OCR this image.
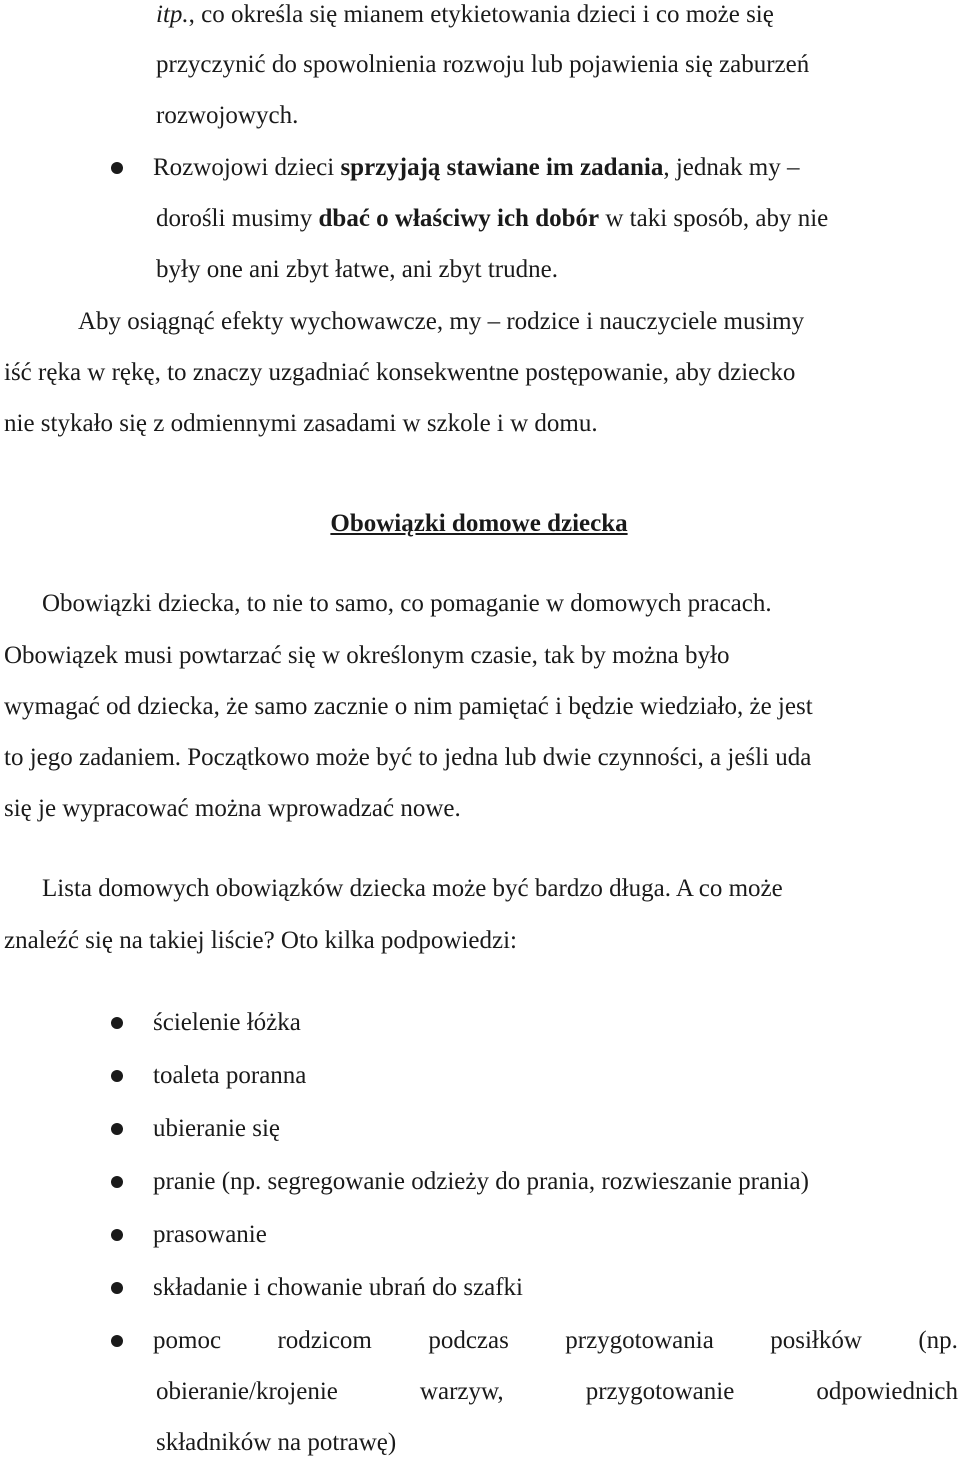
itp., co określa się mianem etykietowania dzieci i co może się
przyczynić do spowolnienia rozwoju lub pojawienia się zaburzeń
rozwojowych.
Rozwojowi dzieci sprzyjają stawiane im zadania, jednak my –
dorośli musimy dbać o właściwy ich dobór w taki sposób, aby nie
były one ani zbyt łatwe, ani zbyt trudne.
Aby osiągnąć efekty wychowawcze, my – rodzice i nauczyciele musimy
iść ręka w rękę, to znaczy uzgadniać konsekwentne postępowanie, aby dziecko
nie stykało się z odmiennymi zasadami w szkole i w domu.
Obowiązki domowe dziecka
Obowiązki dziecka, to nie to samo, co pomaganie w domowych pracach.
Obowiązek musi powtarzać się w określonym czasie, tak by można było
wymagać od dziecka, że samo zacznie o nim pamiętać i będzie wiedziało, że jest
to jego zadaniem. Początkowo może być to jedna lub dwie czynności, a jeśli uda
się je wypracować można wprowadzać nowe.
Lista domowych obowiązków dziecka może być bardzo długa. A co może
znaleźć się na takiej liście? Oto kilka podpowiedzi:
ścielenie łóżka
toaleta poranna
ubieranie się
pranie (np. segregowanie odzieży do prania, rozwieszanie prania)
prasowanie
składanie i chowanie ubrań do szafki
pomoc rodzicom podczas przygotowania posiłków (np.
obieranie/krojenie	warzyw,	przygotowanie	odpowiednich
składników na potrawę)
